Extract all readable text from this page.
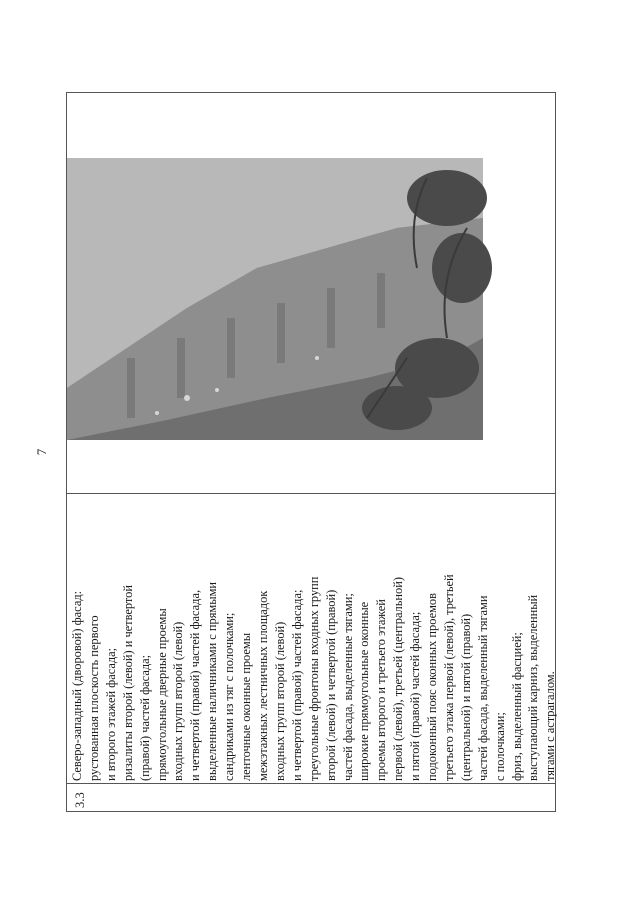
7
Северо-западный (дворовой) фасад: рустованная плоскость первого и второго этажей фасада; ризалиты второй (левой) и четвертой (правой) частей фасада; прямоугольные дверные проемы входных групп второй (левой) и четвертой (правой) частей фасада, выделенные наличниками с прямыми сандриками из тяг с полочками; ленточные оконные проемы межэтажных лестничных площадок входных групп второй (левой) и четвертой (правой) частей фасада; треугольные фронтоны входных групп второй (левой) и четвертой (правой) частей фасада, выделенные тягами; широкие прямоугольные оконные проемы второго и третьего этажей первой (левой), третьей (центральной) и пятой (правой) частей фасада; подоконный пояс оконных проемов третьего этажа первой (левой), третьей (центральной) и пятой (правой) частей фасада, выделенный тягами с полочками; фриз, выделенный фасцией; выступающий карниз, выделенный тягами с астрагалом.
3.3
